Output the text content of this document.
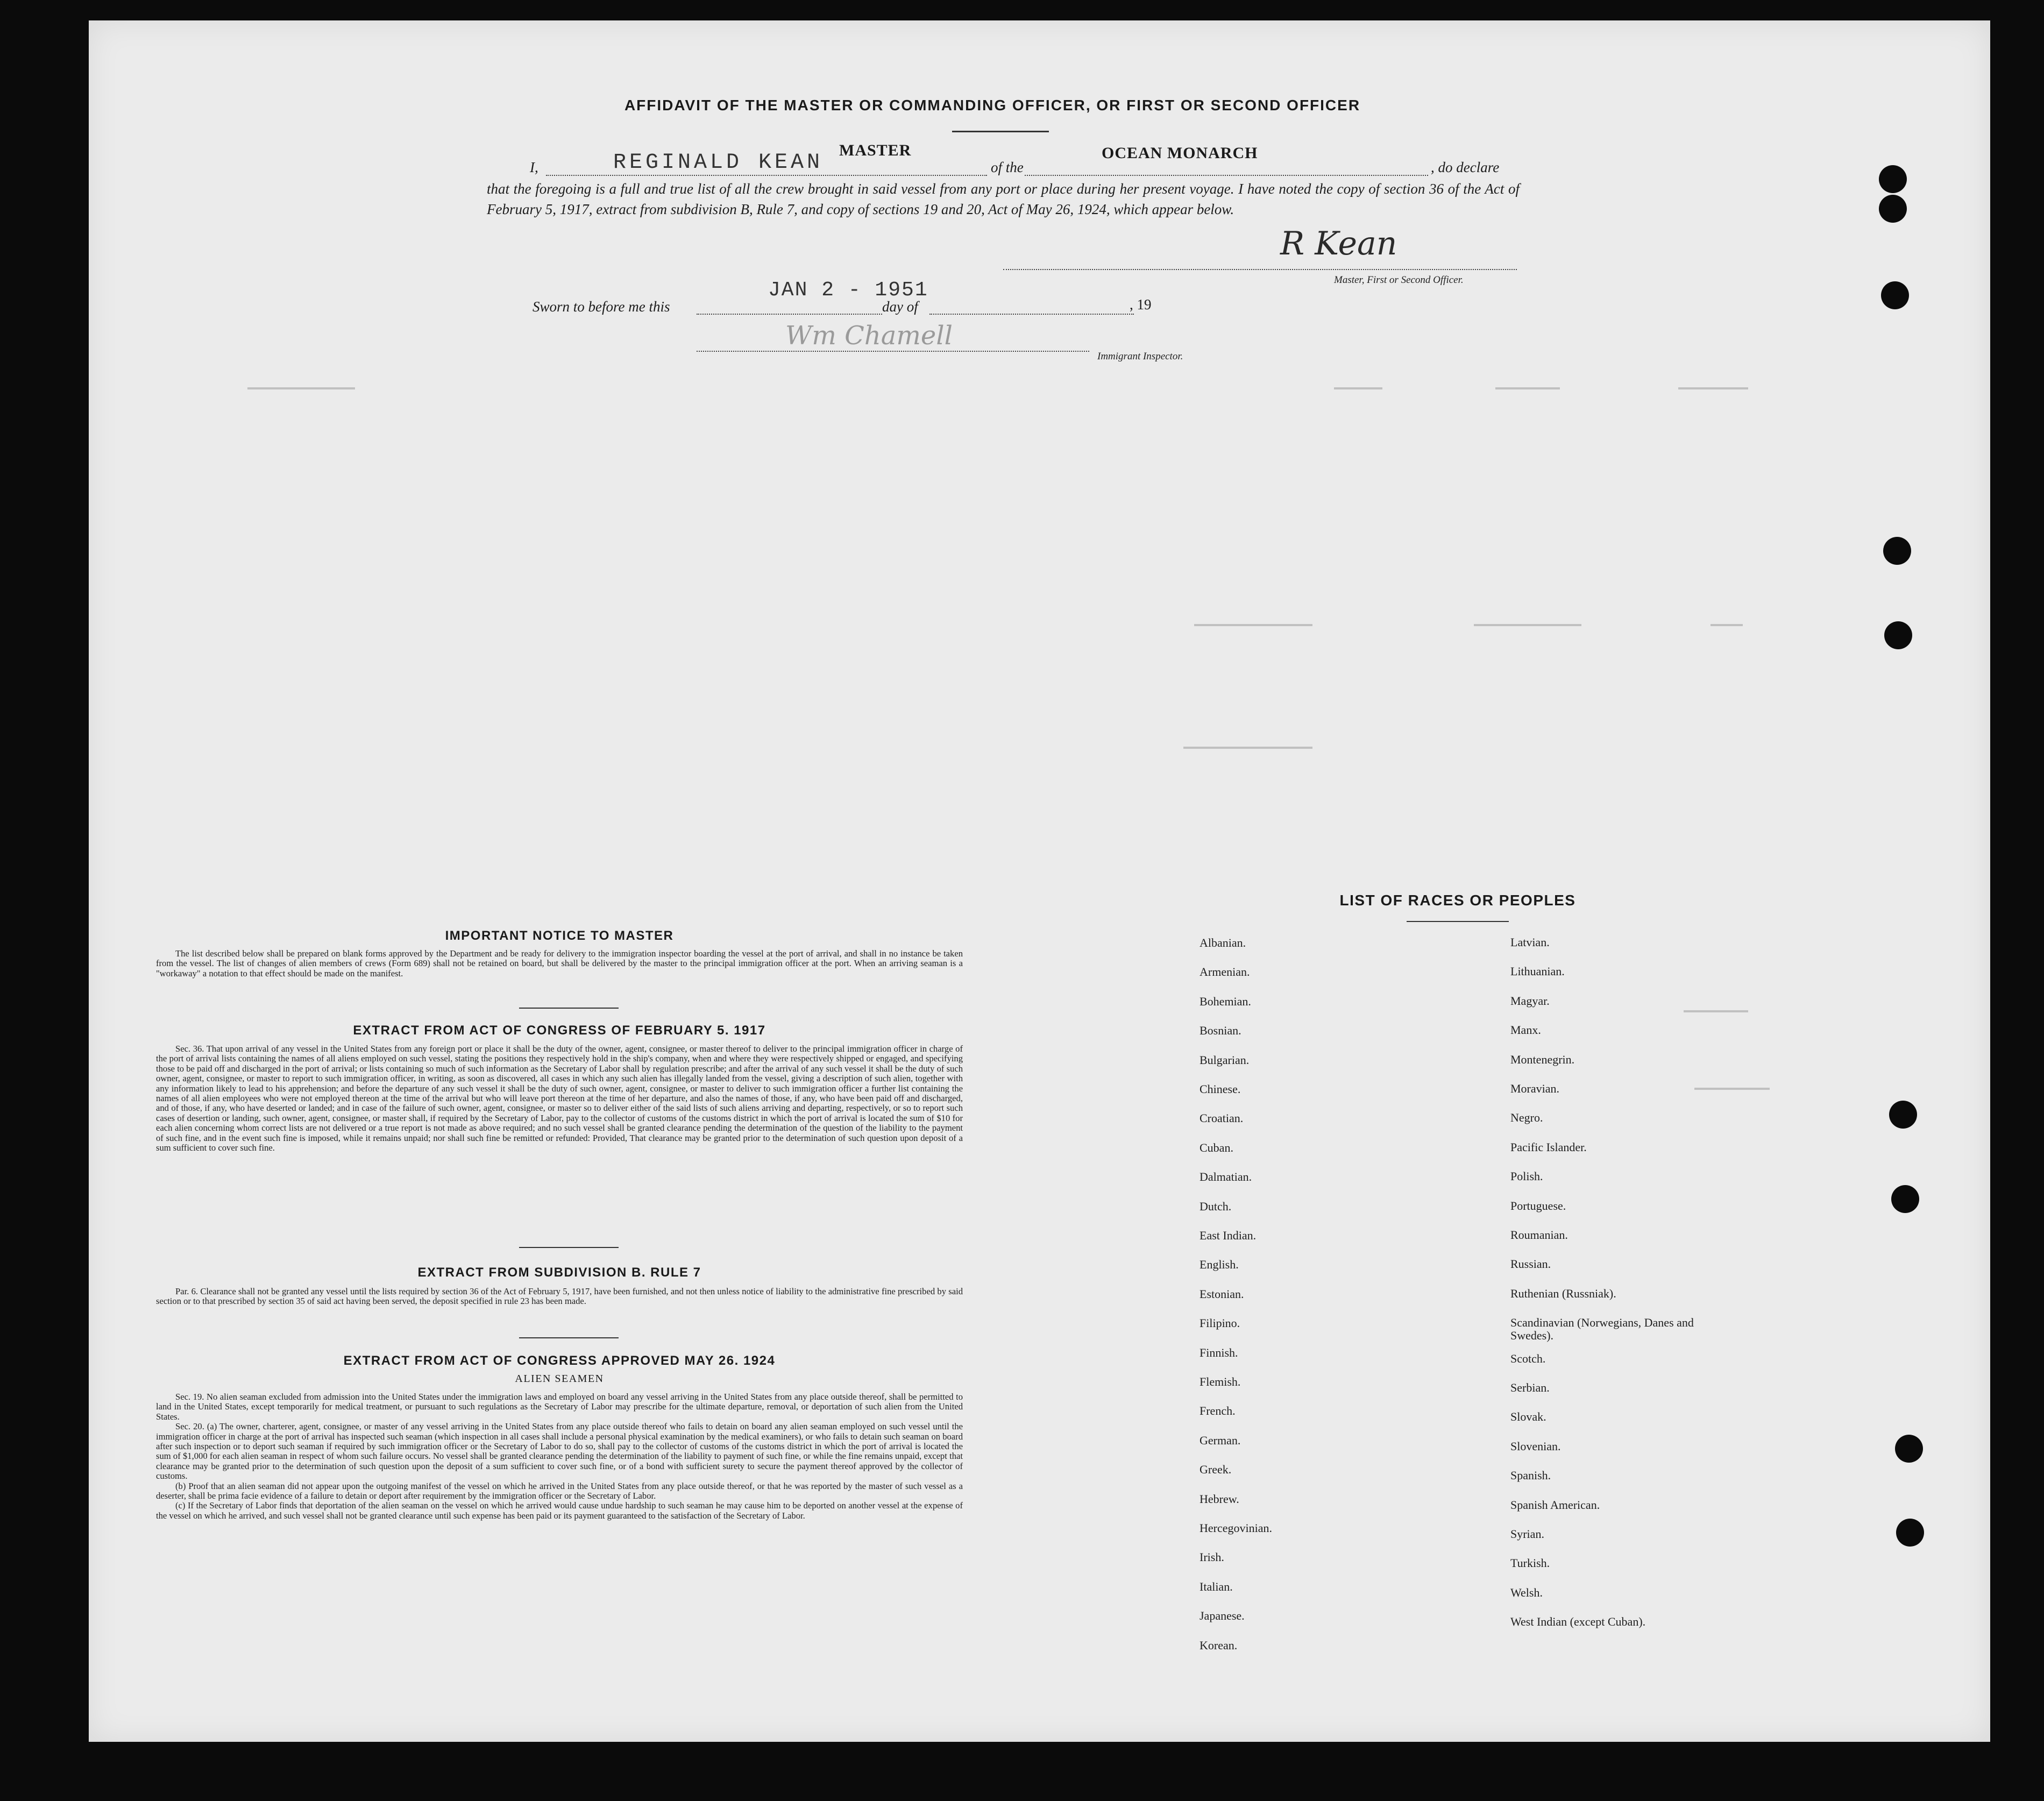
AFFIDAVIT OF THE MASTER OR COMMANDING OFFICER, OR FIRST OR SECOND OFFICER
I,	REGINALD KEAN
MASTER
of the
OCEAN MONARCH
, do declare
that the foregoing is a full and true list of all the crew brought in said vessel from any port or place during her present voyage. I have noted the copy of section 36 of the Act of February 5, 1917, extract from subdivision B, Rule 7, and copy of sections 19 and 20, Act of May 26, 1924, which appear below.
R Kean
Master, First or Second Officer.
Sworn to before me this
JAN 2 - 1951
day of	, 19
Wm Chamell
Immigrant Inspector.
IMPORTANT NOTICE TO MASTER

The list described below shall be prepared on blank forms approved by the Department and be ready for delivery to the immigration inspector boarding the vessel at the port of arrival, and shall in no instance be taken from the vessel. The list of changes of alien members of crews (Form 689) shall not be retained on board, but shall be delivered by the master to the principal immigration officer at the port. When an arriving seaman is a "workaway" a notation to that effect should be made on the manifest.

EXTRACT FROM ACT OF CONGRESS OF FEBRUARY 5. 1917

Sec. 36. That upon arrival of any vessel in the United States from any foreign port or place it shall be the duty of the owner, agent, consignee, or master thereof to deliver to the principal immigration officer in charge of the port of arrival lists containing the names of all aliens employed on such vessel, stating the positions they respectively hold in the ship's company, when and where they were respectively shipped or engaged, and specifying those to be paid off and discharged in the port of arrival; or lists containing so much of such information as the Secretary of Labor shall by regulation prescribe; and after the arrival of any such vessel it shall be the duty of such owner, agent, consignee, or master to report to such immigration officer, in writing, as soon as discovered, all cases in which any such alien has illegally landed from the vessel, giving a description of such alien, together with any information likely to lead to his apprehension; and before the departure of any such vessel it shall be the duty of such owner, agent, consignee, or master to deliver to such immigration officer a further list containing the names of all alien employees who were not employed thereon at the time of the arrival but who will leave port thereon at the time of her departure, and also the names of those, if any, who have been paid off and discharged, and of those, if any, who have deserted or landed; and in case of the failure of such owner, agent, consignee, or master so to deliver either of the said lists of such aliens arriving and departing, respectively, or so to report such cases of desertion or landing, such owner, agent, consignee, or master shall, if required by the Secretary of Labor, pay to the collector of customs of the customs district in which the port of arrival is located the sum of $10 for each alien concerning whom correct lists are not delivered or a true report is not made as above required; and no such vessel shall be granted clearance pending the determination of the question of the liability to the payment of such fine, and in the event such fine is imposed, while it remains unpaid; nor shall such fine be remitted or refunded: Provided, That clearance may be granted prior to the determination of such question upon deposit of a sum sufficient to cover such fine.

EXTRACT FROM SUBDIVISION B. RULE 7

Par. 6. Clearance shall not be granted any vessel until the lists required by section 36 of the Act of February 5, 1917, have been furnished, and not then unless notice of liability to the administrative fine prescribed by said section or to that prescribed by section 35 of said act having been served, the deposit specified in rule 23 has been made.

EXTRACT FROM ACT OF CONGRESS APPROVED MAY 26. 1924
ALIEN SEAMEN

Sec. 19. No alien seaman excluded from admission into the United States under the immigration laws and employed on board any vessel arriving in the United States from any place outside thereof, shall be permitted to land in the United States, except temporarily for medical treatment, or pursuant to such regulations as the Secretary of Labor may prescribe for the ultimate departure, removal, or deportation of such alien from the United States.

Sec. 20. (a) The owner, charterer, agent, consignee, or master of any vessel arriving in the United States from any place outside thereof who fails to detain on board any alien seaman employed on such vessel until the immigration officer in charge at the port of arrival has inspected such seaman (which inspection in all cases shall include a personal physical examination by the medical examiners), or who fails to detain such seaman on board after such inspection or to deport such seaman if required by such immigration officer or the Secretary of Labor to do so, shall pay to the collector of customs of the customs district in which the port of arrival is located the sum of $1,000 for each alien seaman in respect of whom such failure occurs. No vessel shall be granted clearance pending the determination of the liability to payment of such fine, or while the fine remains unpaid, except that clearance may be granted prior to the determination of such question upon the deposit of a sum sufficient to cover such fine, or of a bond with sufficient surety to secure the payment thereof approved by the collector of customs.

(b) Proof that an alien seaman did not appear upon the outgoing manifest of the vessel on which he arrived in the United States from any place outside thereof, or that he was reported by the master of such vessel as a deserter, shall be prima facie evidence of a failure to detain or deport after requirement by the immigration officer or the Secretary of Labor.

(c) If the Secretary of Labor finds that deportation of the alien seaman on the vessel on which he arrived would cause undue hardship to such seaman he may cause him to be deported on another vessel at the expense of the vessel on which he arrived, and such vessel shall not be granted clearance until such expense has been paid or its payment guaranteed to the satisfaction of the Secretary of Labor.

LIST OF RACES OR PEOPLES
Albanian.
Armenian.
Bohemian.
Bosnian.
Bulgarian.
Chinese.
Croatian.
Cuban.
Dalmatian.
Dutch.
East Indian.
English.
Estonian.
Filipino.
Finnish.
Flemish.
French.
German.
Greek.
Hebrew.
Hercegovinian.
Irish.
Italian.
Japanese.
Korean.
Latvian.
Lithuanian.
Magyar.
Manx.
Montenegrin.
Moravian.
Negro.
Pacific Islander.
Polish.
Portuguese.
Roumanian.
Russian.
Ruthenian (Russniak).
Scandinavian (Norwegians, Danes and Swedes).
Scotch.
Serbian.
Slovak.
Slovenian.
Spanish.
Spanish American.
Syrian.
Turkish.
Welsh.
West Indian (except Cuban).
